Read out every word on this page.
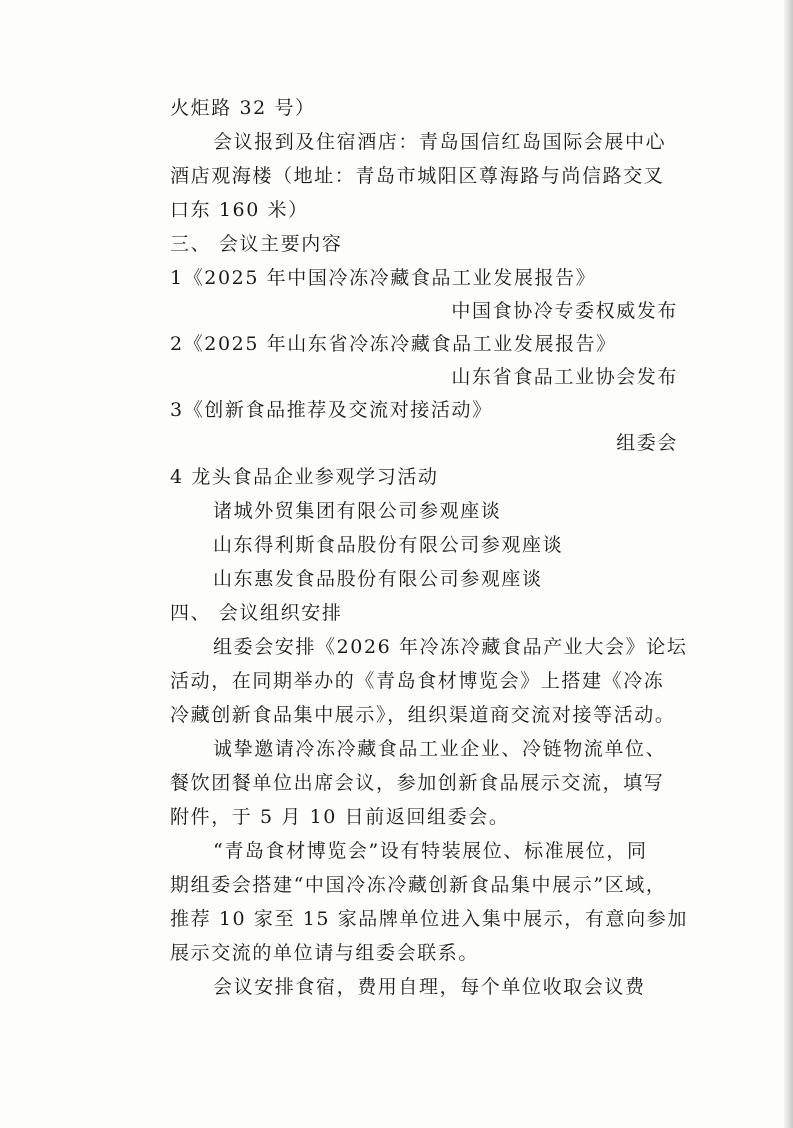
火炬路 32 号）
会议报到及住宿酒店：青岛国信红岛国际会展中心
酒店观海楼（地址：青岛市城阳区尊海路与尚信路交叉
口东 160 米）
三、 会议主要内容
1《2025 年中国冷冻冷藏食品工业发展报告》
中国食协冷专委权威发布
2《2025 年山东省冷冻冷藏食品工业发展报告》
山东省食品工业协会发布
3《创新食品推荐及交流对接活动》
组委会
4 龙头食品企业参观学习活动
诸城外贸集团有限公司参观座谈
山东得利斯食品股份有限公司参观座谈
山东惠发食品股份有限公司参观座谈
四、 会议组织安排
组委会安排《2026 年冷冻冷藏食品产业大会》论坛
活动，在同期举办的《青岛食材博览会》上搭建《冷冻
冷藏创新食品集中展示》，组织渠道商交流对接等活动。
诚挚邀请冷冻冷藏食品工业企业、冷链物流单位、
餐饮团餐单位出席会议，参加创新食品展示交流，填写
附件，于 5 月 10 日前返回组委会。
“青岛食材博览会”设有特装展位、标准展位，同
期组委会搭建“中国冷冻冷藏创新食品集中展示”区域，
推荐 10 家至 15 家品牌单位进入集中展示，有意向参加
展示交流的单位请与组委会联系。
会议安排食宿，费用自理，每个单位收取会议费
